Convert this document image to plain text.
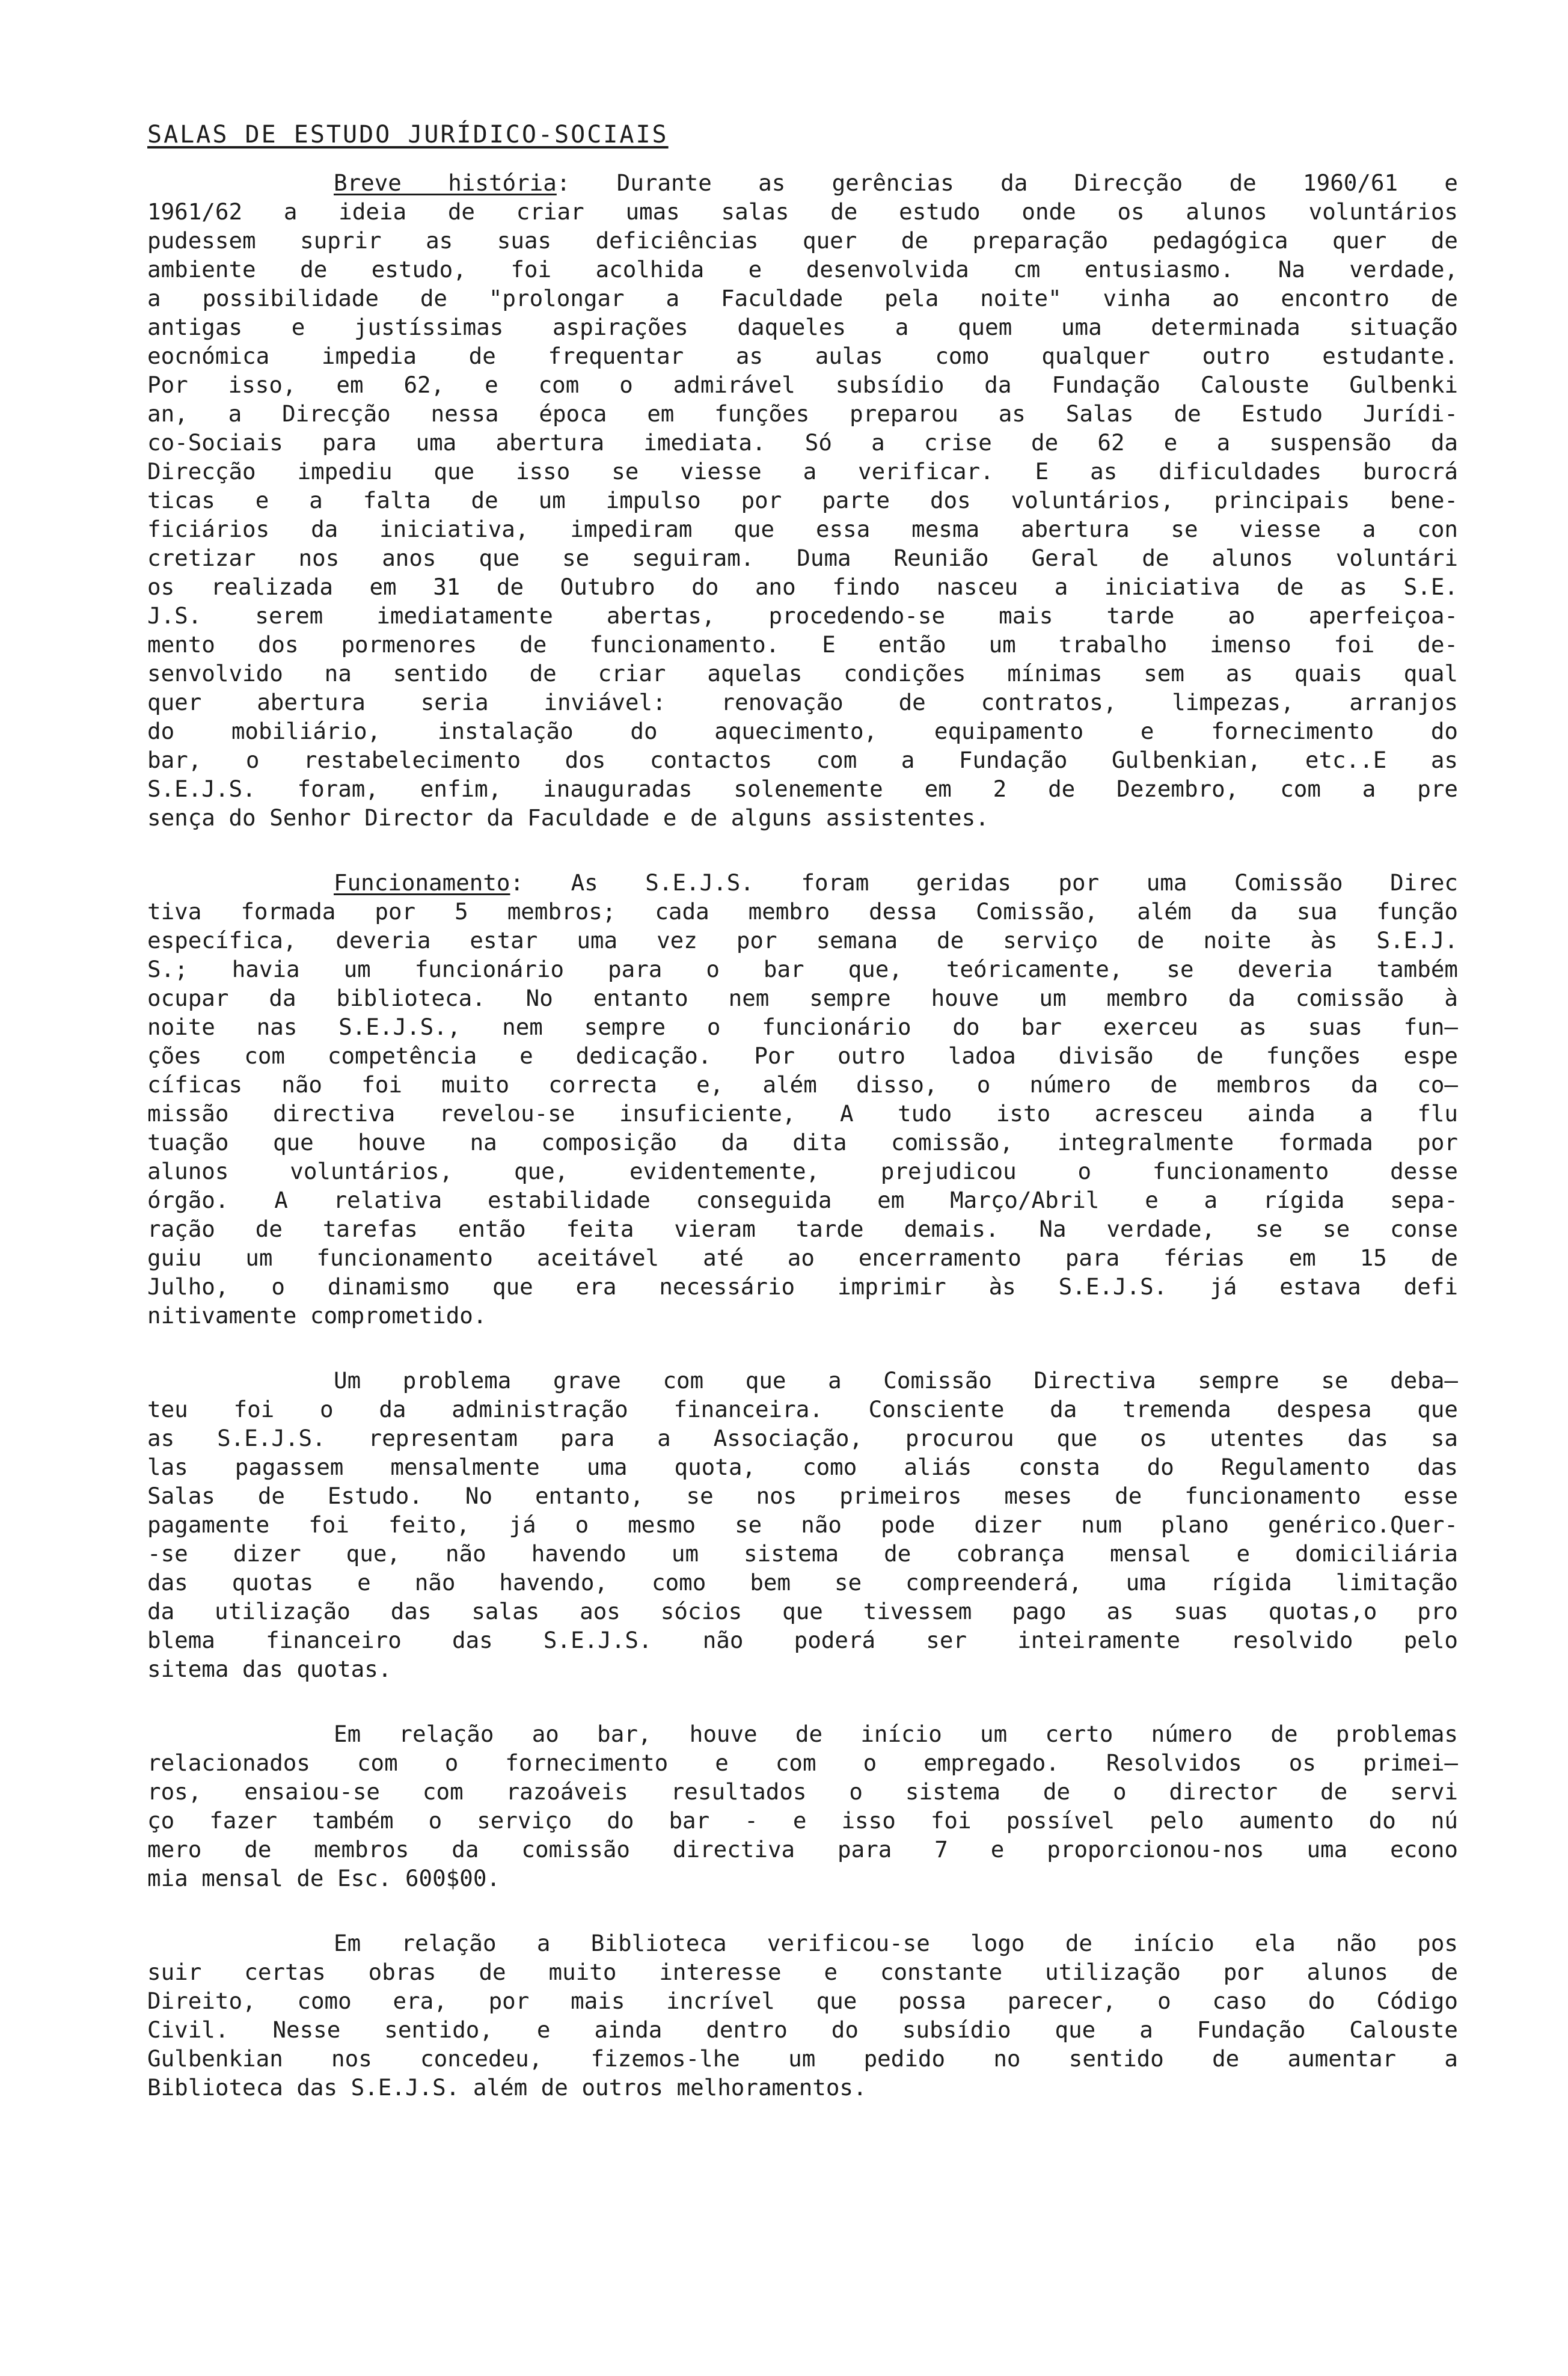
SALAS DE ESTUDO JURÍDICO-SOCIAIS
Breve história: Durante as gerências da Direcção de 1960/61 e
1961/62 a ideia de criar umas salas de estudo onde os alunos voluntários
pudessem suprir as suas deficiências quer de preparação pedagógica quer de
ambiente de estudo, foi acolhida e desenvolvida cm entusiasmo. Na verdade,
a possibilidade de "prolongar a Faculdade pela noite" vinha ao encontro de
antigas e justíssimas aspirações daqueles a quem uma determinada situação
eocnómica impedia de frequentar as aulas como qualquer outro estudante.
Por isso, em 62, e com o admirável subsídio da Fundação Calouste Gulbenki
an, a Direcção nessa época em funções preparou as Salas de Estudo Jurídi-
co-Sociais para uma abertura imediata. Só a crise de 62 e a suspensão da
Direcção impediu que isso se viesse a verificar. E as dificuldades burocrá
ticas e a falta de um impulso por parte dos voluntários, principais bene-
ficiários da iniciativa, impediram que essa mesma abertura se viesse a con
cretizar nos anos que se seguiram. Duma Reunião Geral de alunos voluntári
os realizada em 31 de Outubro do ano findo nasceu a iniciativa de as S.E.
J.S. serem imediatamente abertas, procedendo-se mais tarde ao aperfeiçoa-
mento dos pormenores de funcionamento. E então um trabalho imenso foi de-
senvolvido na sentido de criar aquelas condições mínimas sem as quais qual
quer abertura seria inviável: renovação de contratos, limpezas, arranjos
do mobiliário, instalação do aquecimento, equipamento e fornecimento do
bar, o restabelecimento dos contactos com a Fundação Gulbenkian, etc..E as
S.E.J.S. foram, enfim, inauguradas solenemente em 2 de Dezembro, com a pre
sença do Senhor Director da Faculdade e de alguns assistentes.
Funcionamento: As S.E.J.S. foram geridas por uma Comissão Direc
tiva formada por 5 membros; cada membro dessa Comissão, além da sua função
específica, deveria estar uma vez por semana de serviço de noite às S.E.J.
S.; havia um funcionário para o bar que, teóricamente, se deveria também
ocupar da biblioteca. No entanto nem sempre houve um membro da comissão à
noite nas S.E.J.S., nem sempre o funcionário do bar exerceu as suas fun—
ções com competência e dedicação. Por outro ladoa divisão de funções espe
cíficas não foi muito correcta e, além disso, o número de membros da co—
missão directiva revelou-se insuficiente, A tudo isto acresceu ainda a flu
tuação que houve na composição da dita comissão, integralmente formada por
alunos voluntários, que, evidentemente, prejudicou o funcionamento desse
órgão. A relativa estabilidade conseguida em Março/Abril e a rígida sepa-
ração de tarefas então feita vieram tarde demais. Na verdade, se se conse
guiu um funcionamento aceitável até ao encerramento para férias em 15 de
Julho, o dinamismo que era necessário imprimir às S.E.J.S. já estava defi
nitivamente comprometido.
Um problema grave com que a Comissão Directiva sempre se deba—
teu foi o da administração financeira. Consciente da tremenda despesa que
as S.E.J.S. representam para a Associação, procurou que os utentes das sa
las pagassem mensalmente uma quota, como aliás consta do Regulamento das
Salas de Estudo. No entanto, se nos primeiros meses de funcionamento esse
pagamente foi feito, já o mesmo se não pode dizer num plano genérico.Quer-
-se dizer que, não havendo um sistema de cobrança mensal e domiciliária
das quotas e não havendo, como bem se compreenderá, uma rígida limitação
da utilização das salas aos sócios que tivessem pago as suas quotas,o pro
blema financeiro das S.E.J.S. não poderá ser inteiramente resolvido pelo
sitema das quotas.
Em relação ao bar, houve de início um certo número de problemas
relacionados com o fornecimento e com o empregado. Resolvidos os primei—
ros, ensaiou-se com razoáveis resultados o sistema de o director de servi
ço fazer também o serviço do bar - e isso foi possível pelo aumento do nú
mero de membros da comissão directiva para 7 e proporcionou-nos uma econo
mia mensal de Esc. 600$00.
Em relação a Biblioteca verificou-se logo de início ela não pos
suir certas obras de muito interesse e constante utilização por alunos de
Direito, como era, por mais incrível que possa parecer, o caso do Código
Civil. Nesse sentido, e ainda dentro do subsídio que a Fundação Calouste
Gulbenkian nos concedeu, fizemos-lhe um pedido no sentido de aumentar a
Biblioteca das S.E.J.S. além de outros melhoramentos.
